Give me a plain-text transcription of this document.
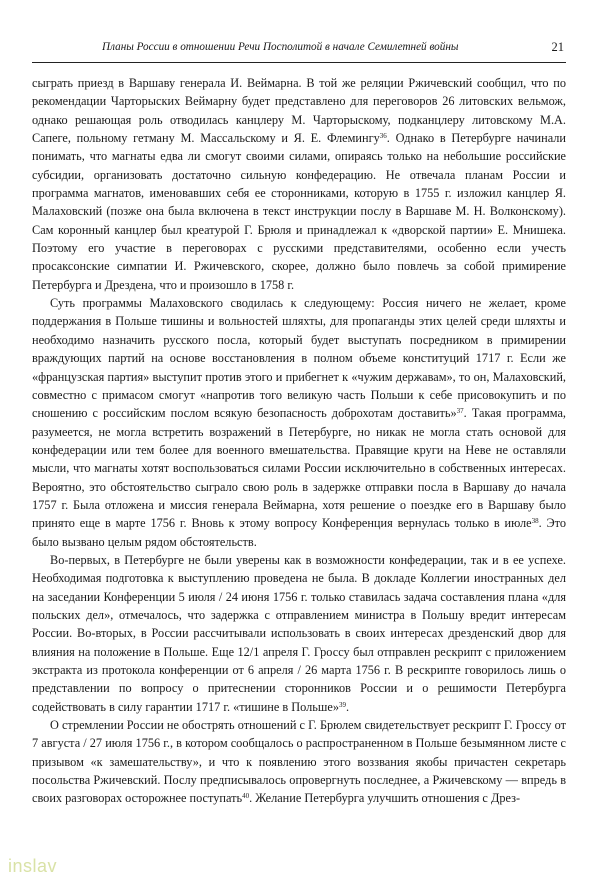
Планы России в отношении Речи Посполитой в начале Семилетней войны	21

сыграть приезд в Варшаву генерала И. Веймарна. В той же реляции Ржичевский сообщил, что по рекомендации Чарторыских Веймарну будет представлено для переговоров 26 литовских вельмож, однако решающая роль отводилась канцлеру М. Чарторыскому, подканцлеру литовскому М.А. Сапеге, польному гетману М. Массальскому и Я. Е. Флемингу$^{36}$. Однако в Петербурге начинали понимать, что магнаты едва ли смогут своими силами, опираясь только на небольшие российские субсидии, организовать достаточно сильную конфедерацию. Не отвечала планам России и программа магнатов, именовавших себя ее сторонниками, которую в 1755 г. изложил канцлер Я. Малаховский (позже она была включена в текст инструкции послу в Варшаве М. Н. Волконскому). Сам коронный канцлер был креатурой Г. Брюля и принадлежал к «дворской партии» Е. Мнишека. Поэтому его участие в переговорах с русскими представителями, особенно если учесть просаксонские симпатии И. Ржичевского, скорее, должно было повлечь за собой примирение Петербурга и Дрездена, что и произошло в 1758 г.

Суть программы Малаховского сводилась к следующему: Россия ничего не желает, кроме поддержания в Польше тишины и вольностей шляхты, для пропаганды этих целей среди шляхты и необходимо назначить русского посла, который будет выступать посредником в примирении враждующих партий на основе восстановления в полном объеме конституций 1717 г. Если же «французская партия» выступит против этого и прибегнет к «чужим державам», то он, Малаховский, совместно с примасом смогут «напротив того великую часть Польши к себе присовокупить и по сношению с российским послом всякую безопасность доброхотам доставить»$^{37}$. Такая программа, разумеется, не могла встретить возражений в Петербурге, но никак не могла стать основой для конфедерации или тем более для военного вмешательства. Правящие круги на Неве не оставляли мысли, что магнаты хотят воспользоваться силами России исключительно в собственных интересах. Вероятно, это обстоятельство сыграло свою роль в задержке отправки посла в Варшаву до начала 1757 г. Была отложена и миссия генерала Веймарна, хотя решение о поездке его в Варшаву было принято еще в марте 1756 г. Вновь к этому вопросу Конференция вернулась только в июле$^{38}$. Это было вызвано целым рядом обстоятельств.

Во-первых, в Петербурге не были уверены как в возможности конфедерации, так и в ее успехе. Необходимая подготовка к выступлению проведена не была. В докладе Коллегии иностранных дел на заседании Конференции 5 июля / 24 июня 1756 г. только ставилась задача составления плана «для польских дел», отмечалось, что задержка с отправлением министра в Польшу вредит интересам России. Во-вторых, в России рассчитывали использовать в своих интересах дрезденский двор для влияния на положение в Польше. Еще 12/1 апреля Г. Гроссу был отправлен рескрипт с приложением экстракта из протокола конференции от 6 апреля / 26 марта 1756 г. В рескрипте говорилось лишь о представлении по вопросу о притеснении сторонников России и о решимости Петербурга содействовать в силу гарантии 1717 г. «тишине в Польше»$^{39}$.

О стремлении России не обострять отношений с Г. Брюлем свидетельствует рескрипт Г. Гроссу от 7 августа / 27 июля 1756 г., в котором сообщалось о распространенном в Польше безымянном листе с призывом «к замешательству», и что к появлению этого воззвания якобы причастен секретарь посольства Ржичевский. Послу предписывалось опровергнуть последнее, а Ржичевскому — впредь в своих разговорах осторожнее поступать$^{40}$. Желание Петербурга улучшить отношения с Дрез-

inslav
